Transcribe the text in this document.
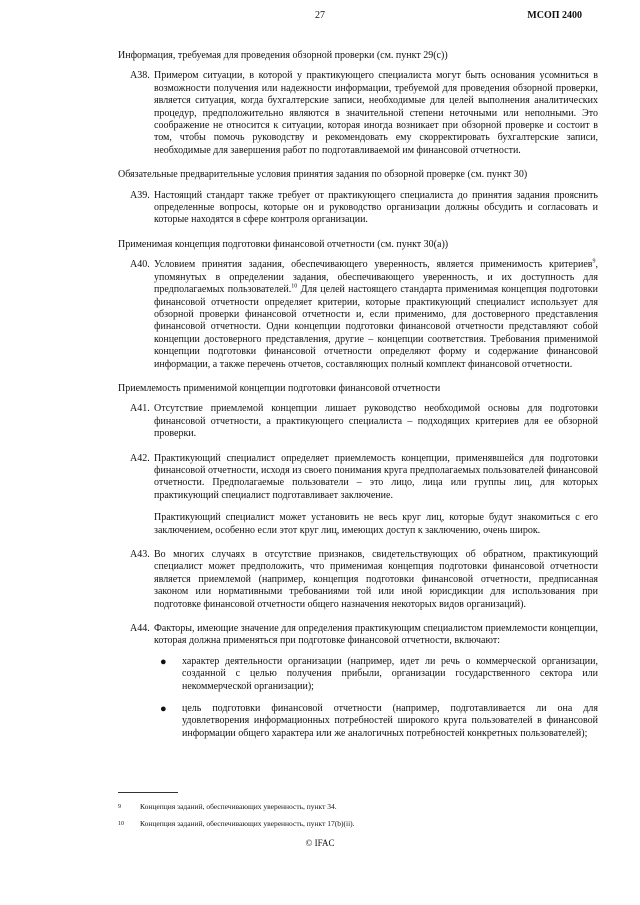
27	МСОП 2400
Информация, требуемая для проведения обзорной проверки (см. пункт 29(с))
A38. Примером ситуации, в которой у практикующего специалиста могут быть основания усомниться в возможности получения или надежности информации, требуемой для проведения обзорной проверки, является ситуация, когда бухгалтерские записи, необходимые для целей выполнения аналитических процедур, предположительно являются в значительной степени неточными или неполными. Это соображение не относится к ситуации, которая иногда возникает при обзорной проверке и состоит в том, чтобы помочь руководству и рекомендовать ему скорректировать бухгалтерские записи, необходимые для завершения работ по подготавливаемой им финансовой отчетности.
Обязательные предварительные условия принятия задания по обзорной проверке (см. пункт 30)
A39. Настоящий стандарт также требует от практикующего специалиста до принятия задания прояснить определенные вопросы, которые он и руководство организации должны обсудить и согласовать и которые находятся в сфере контроля организации.
Применимая концепция подготовки финансовой отчетности (см. пункт 30(а))
A40. Условием принятия задания, обеспечивающего уверенность, является применимость критериев$^9$, упомянутых в определении задания, обеспечивающего уверенность, и их доступность для предполагаемых пользователей.$^{10}$ Для целей настоящего стандарта применимая концепция подготовки финансовой отчетности определяет критерии, которые практикующий специалист использует для обзорной проверки финансовой отчетности и, если применимо, для достоверного представления финансовой отчетности. Одни концепции подготовки финансовой отчетности представляют собой концепции достоверного представления, другие – концепции соответствия. Требования применимой концепции подготовки финансовой отчетности определяют форму и содержание финансовой информации, а также перечень отчетов, составляющих полный комплект финансовой отчетности.
Приемлемость применимой концепции подготовки финансовой отчетности
A41. Отсутствие приемлемой концепции лишает руководство необходимой основы для подготовки финансовой отчетности, а практикующего специалиста – подходящих критериев для ее обзорной проверки.
A42. Практикующий специалист определяет приемлемость концепции, применявшейся для подготовки финансовой отчетности, исходя из своего понимания круга предполагаемых пользователей финансовой отчетности. Предполагаемые пользователи – это лицо, лица или группы лиц, для которых практикующий специалист подготавливает заключение.

Практикующий специалист может установить не весь круг лиц, которые будут знакомиться с его заключением, особенно если этот круг лиц, имеющих доступ к заключению, очень широк.

A43. Во многих случаях в отсутствие признаков, свидетельствующих об обратном, практикующий специалист может предположить, что применимая концепция подготовки финансовой отчетности является приемлемой (например, концепция подготовки финансовой отчетности, предписанная законом или нормативными требованиями той или иной юрисдикции для использования при подготовке финансовой отчетности общего назначения некоторых видов организаций).
A44. Факторы, имеющие значение для определения практикующим специалистом приемлемости концепции, которая должна применяться при подготовке финансовой отчетности, включают:
●	характер деятельности организации (например, идет ли речь о коммерческой организации, созданной с целью получения прибыли, организации государственного сектора или некоммерческой организации);
●	цель подготовки финансовой отчетности (например, подготавливается ли она для удовлетворения информационных потребностей широкого круга пользователей в финансовой информации общего характера или же аналогичных потребностей конкретных пользователей);
9	Концепция заданий, обеспечивающих уверенность, пункт 34.
10	Концепция заданий, обеспечивающих уверенность, пункт 17(b)(ii).
© IFAC
